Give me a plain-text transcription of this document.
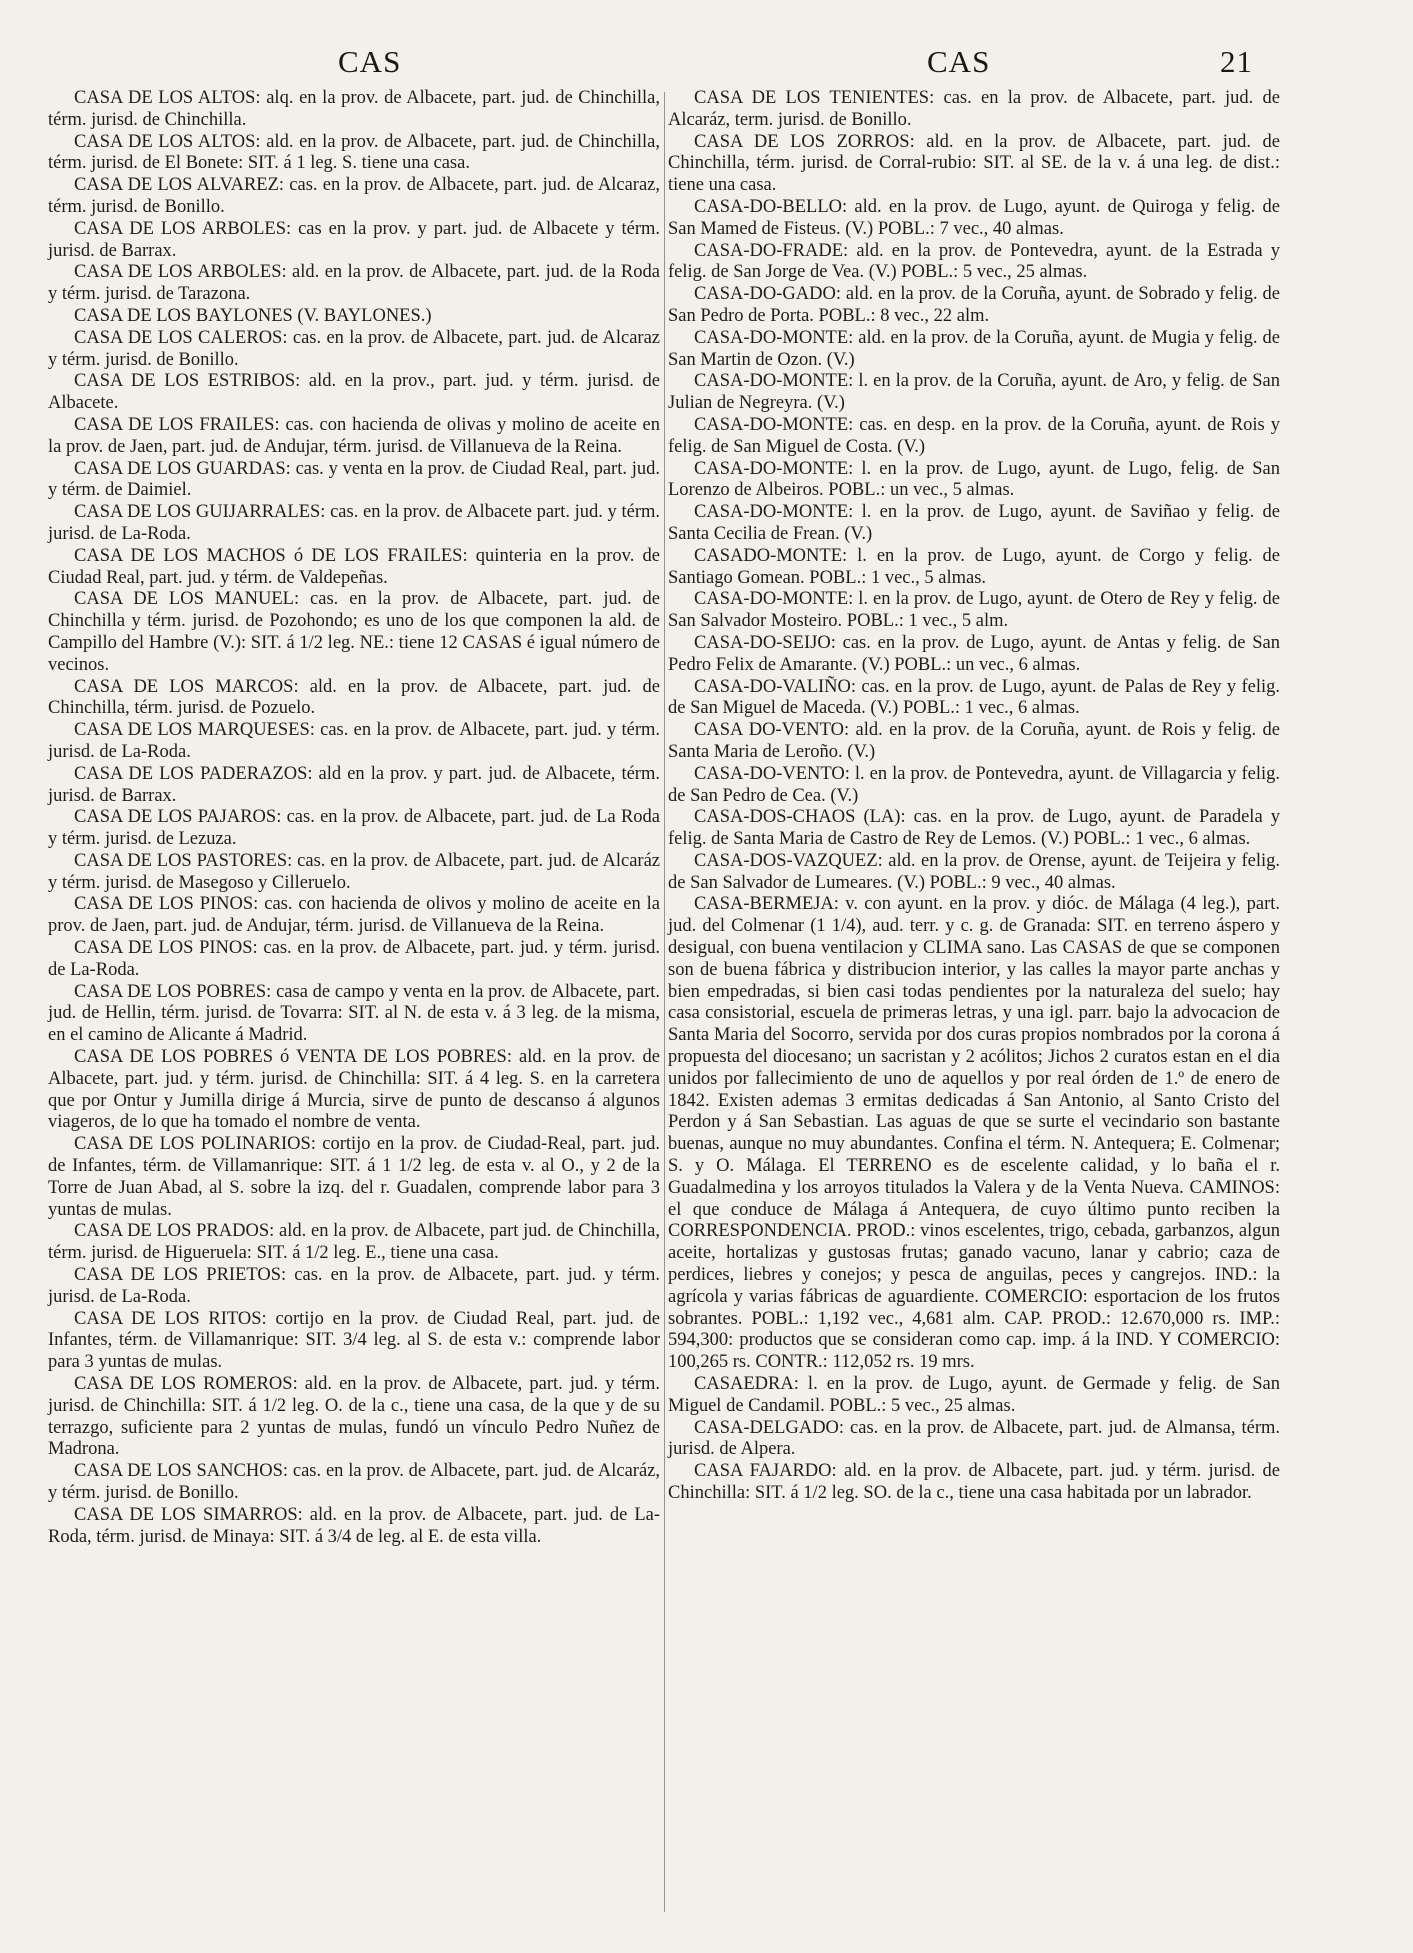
CAS	CAS	21

CASA DE LOS ALTOS: alq. en la prov. de Albacete, part. jud. de Chinchilla, térm. jurisd. de Chinchilla.

CASA DE LOS ALTOS: ald. en la prov. de Albacete, part. jud. de Chinchilla, térm. jurisd. de El Bonete: SIT. á 1 leg. S. tiene una casa.

CASA DE LOS ALVAREZ: cas. en la prov. de Albacete, part. jud. de Alcaraz, térm. jurisd. de Bonillo.

CASA DE LOS ARBOLES: cas en la prov. y part. jud. de Albacete y térm. jurisd. de Barrax.

CASA DE LOS ARBOLES: ald. en la prov. de Albacete, part. jud. de la Roda y térm. jurisd. de Tarazona.

CASA DE LOS BAYLONES (V. BAYLONES.)

CASA DE LOS CALEROS: cas. en la prov. de Albacete, part. jud. de Alcaraz y térm. jurisd. de Bonillo.

CASA DE LOS ESTRIBOS: ald. en la prov., part. jud. y térm. jurisd. de Albacete.

CASA DE LOS FRAILES: cas. con hacienda de olivas y molino de aceite en la prov. de Jaen, part. jud. de Andujar, térm. jurisd. de Villanueva de la Reina.

CASA DE LOS GUARDAS: cas. y venta en la prov. de Ciudad Real, part. jud. y térm. de Daimiel.

CASA DE LOS GUIJARRALES: cas. en la prov. de Albacete part. jud. y térm. jurisd. de La-Roda.

CASA DE LOS MACHOS ó DE LOS FRAILES: quinteria en la prov. de Ciudad Real, part. jud. y térm. de Valdepeñas.

CASA DE LOS MANUEL: cas. en la prov. de Albacete, part. jud. de Chinchilla y térm. jurisd. de Pozohondo; es uno de los que componen la ald. de Campillo del Hambre (V.): SIT. á 1/2 leg. NE.: tiene 12 CASAS é igual número de vecinos.

CASA DE LOS MARCOS: ald. en la prov. de Albacete, part. jud. de Chinchilla, térm. jurisd. de Pozuelo.

CASA DE LOS MARQUESES: cas. en la prov. de Albacete, part. jud. y térm. jurisd. de La-Roda.

CASA DE LOS PADERAZOS: ald en la prov. y part. jud. de Albacete, térm. jurisd. de Barrax.

CASA DE LOS PAJAROS: cas. en la prov. de Albacete, part. jud. de La Roda y térm. jurisd. de Lezuza.

CASA DE LOS PASTORES: cas. en la prov. de Albacete, part. jud. de Alcaráz y térm. jurisd. de Masegoso y Cilleruelo.

CASA DE LOS PINOS: cas. con hacienda de olivos y molino de aceite en la prov. de Jaen, part. jud. de Andujar, térm. jurisd. de Villanueva de la Reina.

CASA DE LOS PINOS: cas. en la prov. de Albacete, part. jud. y térm. jurisd. de La-Roda.

CASA DE LOS POBRES: casa de campo y venta en la prov. de Albacete, part. jud. de Hellin, térm. jurisd. de Tovarra: SIT. al N. de esta v. á 3 leg. de la misma, en el camino de Alicante á Madrid.

CASA DE LOS POBRES ó VENTA DE LOS POBRES: ald. en la prov. de Albacete, part. jud. y térm. jurisd. de Chinchilla: SIT. á 4 leg. S. en la carretera que por Ontur y Jumilla dirige á Murcia, sirve de punto de descanso á algunos viageros, de lo que ha tomado el nombre de venta.

CASA DE LOS POLINARIOS: cortijo en la prov. de Ciudad-Real, part. jud. de Infantes, térm. de Villamanrique: SIT. á 1 1/2 leg. de esta v. al O., y 2 de la Torre de Juan Abad, al S. sobre la izq. del r. Guadalen, comprende labor para 3 yuntas de mulas.

CASA DE LOS PRADOS: ald. en la prov. de Albacete, part jud. de Chinchilla, térm. jurisd. de Higueruela: SIT. á 1/2 leg. E., tiene una casa.

CASA DE LOS PRIETOS: cas. en la prov. de Albacete, part. jud. y térm. jurisd. de La-Roda.

CASA DE LOS RITOS: cortijo en la prov. de Ciudad Real, part. jud. de Infantes, térm. de Villamanrique: SIT. 3/4 leg. al S. de esta v.: comprende labor para 3 yuntas de mulas.

CASA DE LOS ROMEROS: ald. en la prov. de Albacete, part. jud. y térm. jurisd. de Chinchilla: SIT. á 1/2 leg. O. de la c., tiene una casa, de la que y de su terrazgo, suficiente para 2 yuntas de mulas, fundó un vínculo Pedro Nuñez de Madrona.

CASA DE LOS SANCHOS: cas. en la prov. de Albacete, part. jud. de Alcaráz, y térm. jurisd. de Bonillo.

CASA DE LOS SIMARROS: ald. en la prov. de Albacete, part. jud. de La-Roda, térm. jurisd. de Minaya: SIT. á 3/4 de leg. al E. de esta villa.

CASA DE LOS TENIENTES: cas. en la prov. de Albacete, part. jud. de Alcaráz, term. jurisd. de Bonillo.

CASA DE LOS ZORROS: ald. en la prov. de Albacete, part. jud. de Chinchilla, térm. jurisd. de Corral-rubio: SIT. al SE. de la v. á una leg. de dist.: tiene una casa.

CASA-DO-BELLO: ald. en la prov. de Lugo, ayunt. de Quiroga y felig. de San Mamed de Fisteus. (V.) POBL.: 7 vec., 40 almas.

CASA-DO-FRADE: ald. en la prov. de Pontevedra, ayunt. de la Estrada y felig. de San Jorge de Vea. (V.) POBL.: 5 vec., 25 almas.

CASA-DO-GADO: ald. en la prov. de la Coruña, ayunt. de Sobrado y felig. de San Pedro de Porta. POBL.: 8 vec., 22 alm.

CASA-DO-MONTE: ald. en la prov. de la Coruña, ayunt. de Mugia y felig. de San Martin de Ozon. (V.)

CASA-DO-MONTE: l. en la prov. de la Coruña, ayunt. de Aro, y felig. de San Julian de Negreyra. (V.)

CASA-DO-MONTE: cas. en desp. en la prov. de la Coruña, ayunt. de Rois y felig. de San Miguel de Costa. (V.)

CASA-DO-MONTE: l. en la prov. de Lugo, ayunt. de Lugo, felig. de San Lorenzo de Albeiros. POBL.: un vec., 5 almas.

CASA-DO-MONTE: l. en la prov. de Lugo, ayunt. de Saviñao y felig. de Santa Cecilia de Frean. (V.)

CASADO-MONTE: l. en la prov. de Lugo, ayunt. de Corgo y felig. de Santiago Gomean. POBL.: 1 vec., 5 almas.

CASA-DO-MONTE: l. en la prov. de Lugo, ayunt. de Otero de Rey y felig. de San Salvador Mosteiro. POBL.: 1 vec., 5 alm.

CASA-DO-SEIJO: cas. en la prov. de Lugo, ayunt. de Antas y felig. de San Pedro Felix de Amarante. (V.) POBL.: un vec., 6 almas.

CASA-DO-VALIÑO: cas. en la prov. de Lugo, ayunt. de Palas de Rey y felig. de San Miguel de Maceda. (V.) POBL.: 1 vec., 6 almas.

CASA DO-VENTO: ald. en la prov. de la Coruña, ayunt. de Rois y felig. de Santa Maria de Leroño. (V.)

CASA-DO-VENTO: l. en la prov. de Pontevedra, ayunt. de Villagarcia y felig. de San Pedro de Cea. (V.)

CASA-DOS-CHAOS (LA): cas. en la prov. de Lugo, ayunt. de Paradela y felig. de Santa Maria de Castro de Rey de Lemos. (V.) POBL.: 1 vec., 6 almas.

CASA-DOS-VAZQUEZ: ald. en la prov. de Orense, ayunt. de Teijeira y felig. de San Salvador de Lumeares. (V.) POBL.: 9 vec., 40 almas.

CASA-BERMEJA: v. con ayunt. en la prov. y dióc. de Málaga (4 leg.), part. jud. del Colmenar (1 1/4), aud. terr. y c. g. de Granada: SIT. en terreno áspero y desigual, con buena ventilacion y CLIMA sano. Las CASAS de que se componen son de buena fábrica y distribucion interior, y las calles la mayor parte anchas y bien empedradas, si bien casi todas pendientes por la naturaleza del suelo; hay casa consistorial, escuela de primeras letras, y una igl. parr. bajo la advocacion de Santa Maria del Socorro, servida por dos curas propios nombrados por la corona á propuesta del diocesano; un sacristan y 2 acólitos; Jichos 2 curatos estan en el dia unidos por fallecimiento de uno de aquellos y por real órden de 1.º de enero de 1842. Existen ademas 3 ermitas dedicadas á San Antonio, al Santo Cristo del Perdon y á San Sebastian. Las aguas de que se surte el vecindario son bastante buenas, aunque no muy abundantes. Confina el térm. N. Antequera; E. Colmenar; S. y O. Málaga. El TERRENO es de escelente calidad, y lo baña el r. Guadalmedina y los arroyos titulados la Valera y de la Venta Nueva. CAMINOS: el que conduce de Málaga á Antequera, de cuyo último punto reciben la CORRESPONDENCIA. PROD.: vinos escelentes, trigo, cebada, garbanzos, algun aceite, hortalizas y gustosas frutas; ganado vacuno, lanar y cabrio; caza de perdices, liebres y conejos; y pesca de anguilas, peces y cangrejos. IND.: la agrícola y varias fábricas de aguardiente. COMERCIO: esportacion de los frutos sobrantes. POBL.: 1,192 vec., 4,681 alm. CAP. PROD.: 12.670,000 rs. IMP.: 594,300: productos que se consideran como cap. imp. á la IND. Y COMERCIO: 100,265 rs. CONTR.: 112,052 rs. 19 mrs.

CASAEDRA: l. en la prov. de Lugo, ayunt. de Germade y felig. de San Miguel de Candamil. POBL.: 5 vec., 25 almas.

CASA-DELGADO: cas. en la prov. de Albacete, part. jud. de Almansa, térm. jurisd. de Alpera.

CASA FAJARDO: ald. en la prov. de Albacete, part. jud. y térm. jurisd. de Chinchilla: SIT. á 1/2 leg. SO. de la c., tiene una casa habitada por un labrador.
